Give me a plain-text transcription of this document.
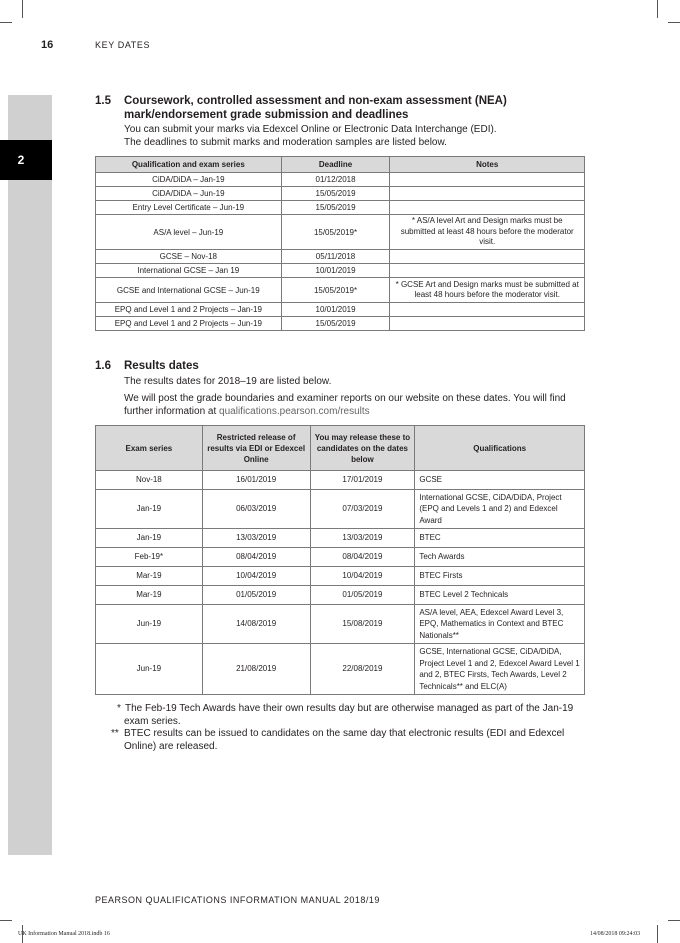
2
16	KEY DATES
1.5 Coursework, controlled assessment and non-exam assessment (NEA) mark/endorsement grade submission and deadlines
You can submit your marks via Edexcel Online or Electronic Data Interchange (EDI).
The deadlines to submit marks and moderation samples are listed below.
Qualification and exam series	Deadline	Notes
CiDA/DiDA – Jan-19	01/12/2018	
CiDA/DiDA – Jun-19	15/05/2019	
Entry Level Certificate – Jun-19	15/05/2019	
AS/A level – Jun-19	15/05/2019*	* AS/A level Art and Design marks must be submitted at least 48 hours before the moderator visit.
GCSE – Nov-18	05/11/2018	
International GCSE – Jan 19	10/01/2019	
GCSE and International GCSE – Jun-19	15/05/2019*	* GCSE Art and Design marks must be submitted at least 48 hours before the moderator visit.
EPQ and Level 1 and 2 Projects – Jan-19	10/01/2019	
EPQ and Level 1 and 2 Projects – Jun-19	15/05/2019	
1.6 Results dates
The results dates for 2018–19 are listed below.
We will post the grade boundaries and examiner reports on our website on these dates. You will find further information at qualifications.pearson.com/results
Exam series	Restricted release of results via EDI or Edexcel Online	You may release these to candidates on the dates below	Qualifications
Nov-18	16/01/2019	17/01/2019	GCSE
Jan-19	06/03/2019	07/03/2019	International GCSE, CiDA/DiDA, Project (EPQ and Levels 1 and 2) and Edexcel Award
Jan-19	13/03/2019	13/03/2019	BTEC
Feb-19*	08/04/2019	08/04/2019	Tech Awards
Mar-19	10/04/2019	10/04/2019	BTEC Firsts
Mar-19	01/05/2019	01/05/2019	BTEC Level 2 Technicals
Jun-19	14/08/2019	15/08/2019	AS/A level, AEA, Edexcel Award Level 3, EPQ, Mathematics in Context and BTEC Nationals**
Jun-19	21/08/2019	22/08/2019	GCSE, International GCSE, CiDA/DiDA, Project Level 1 and 2, Edexcel Award Level 1 and 2, BTEC Firsts, Tech Awards, Level 2 Technicals** and ELC(A)
* The Feb-19 Tech Awards have their own results day but are otherwise managed as part of the Jan-19 exam series.
** BTEC results can be issued to candidates on the same day that electronic results (EDI and Edexcel Online) are released.
PEARSON QUALIFICATIONS INFORMATION MANUAL 2018/19
UK Information Manual 2018.indb 16	14/08/2018 09:24:03
